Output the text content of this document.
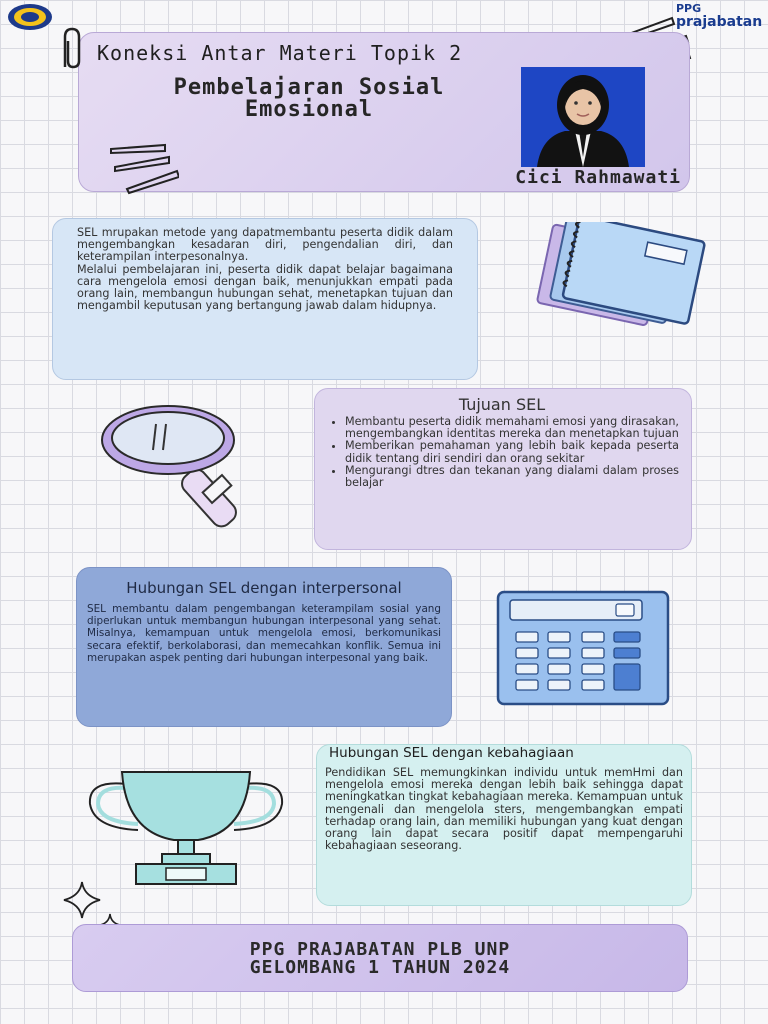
PPG
prajabatan
Koneksi Antar Materi Topik 2
Pembelajaran Sosial
Emosional
Cici Rahmawati

SEL mrupakan metode yang dapatmembantu peserta didik dalam mengembangkan kesadaran diri, pengendalian diri, dan keterampilan interpesonalnya.

Melalui pembelajaran ini, peserta didik dapat belajar bagaimana cara mengelola emosi dengan baik, menunjukkan empati pada orang lain, membangun hubungan sehat, menetapkan tujuan dan mengambil keputusan yang bertangung jawab dalam hidupnya.

Tujuan SEL
• Membantu peserta didik memahami emosi yang dirasakan, mengembangkan identitas mereka dan menetapkan tujuan
• Memberikan pemahaman yang lebih baik kepada peserta didik tentang diri sendiri dan orang sekitar
• Mengurangi dtres dan tekanan yang dialami dalam proses belajar
Hubungan SEL dengan interpersonal

SEL membantu dalam pengembangan keterampilam sosial yang diperlukan untuk membangun hubungan interpesonal yang sehat. Misalnya, kemampuan untuk mengelola emosi, berkomunikasi secara efektif, berkolaborasi, dan memecahkan konflik. Semua ini merupakan aspek penting dari hubungan interpesonal yang baik.

Hubungan SEL dengan kebahagiaan

Pendidikan SEL memungkinkan individu untuk memHmi dan mengelola emosi mereka dengan lebih baik sehingga dapat meningkatkan tingkat kebahagiaan mereka. Kemampuan untuk mengenali dan mengelola sters, mengembangkan empati terhadap orang lain, dan memiliki hubungan yang kuat dengan orang lain dapat secara positif dapat mempengaruhi kebahagiaan seseorang.

PPG PRAJABATAN PLB UNP
GELOMBANG 1 TAHUN 2024
